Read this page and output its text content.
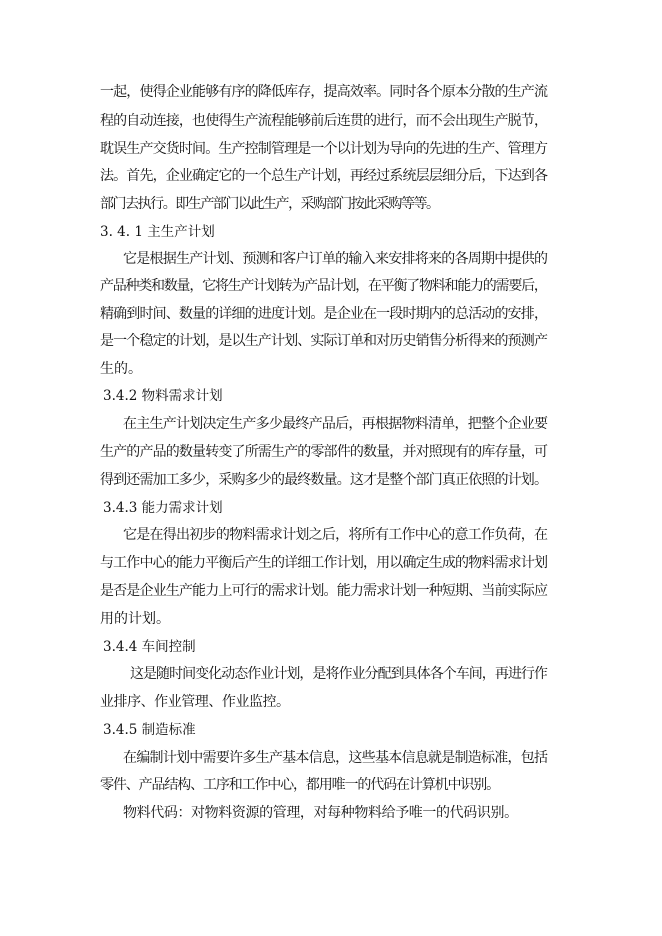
一起，使得企业能够有序的降低库存，提高效率。同时各个原本分散的生产流
程的自动连接，也使得生产流程能够前后连贯的进行，而不会出现生产脱节，
耽误生产交货时间。生产控制管理是一个以计划为导向的先进的生产、管理方
法。首先，企业确定它的一个总生产计划，再经过系统层层细分后，下达到各
部门去执行。即生产部门以此生产，采购部门按此采购等等。
3. 4. 1 主生产计划
它是根据生产计划、预测和客户订单的输入来安排将来的各周期中提供的
产品种类和数量，它将生产计划转为产品计划，在平衡了物料和能力的需要后，
精确到时间、数量的详细的进度计划。是企业在一段时期内的总活动的安排，
是一个稳定的计划，是以生产计划、实际订单和对历史销售分析得来的预测产
生的。
3.4.2 物料需求计划
在主生产计划决定生产多少最终产品后，再根据物料清单，把整个企业要
生产的产品的数量转变了所需生产的零部件的数量，并对照现有的库存量，可
得到还需加工多少，采购多少的最终数量。这才是整个部门真正依照的计划。
3.4.3 能力需求计划
它是在得出初步的物料需求计划之后，将所有工作中心的意工作负荷，在
与工作中心的能力平衡后产生的详细工作计划，用以确定生成的物料需求计划
是否是企业生产能力上可行的需求计划。能力需求计划一种短期、当前实际应
用的计划。
3.4.4 车间控制
这是随时间变化动态作业计划，是将作业分配到具体各个车间，再进行作
业排序、作业管理、作业监控。
3.4.5 制造标准
在编制计划中需要许多生产基本信息，这些基本信息就是制造标准，包括
零件、产品结构、工序和工作中心，都用唯一的代码在计算机中识别。
物料代码：对物料资源的管理，对每种物料给予唯一的代码识别。
